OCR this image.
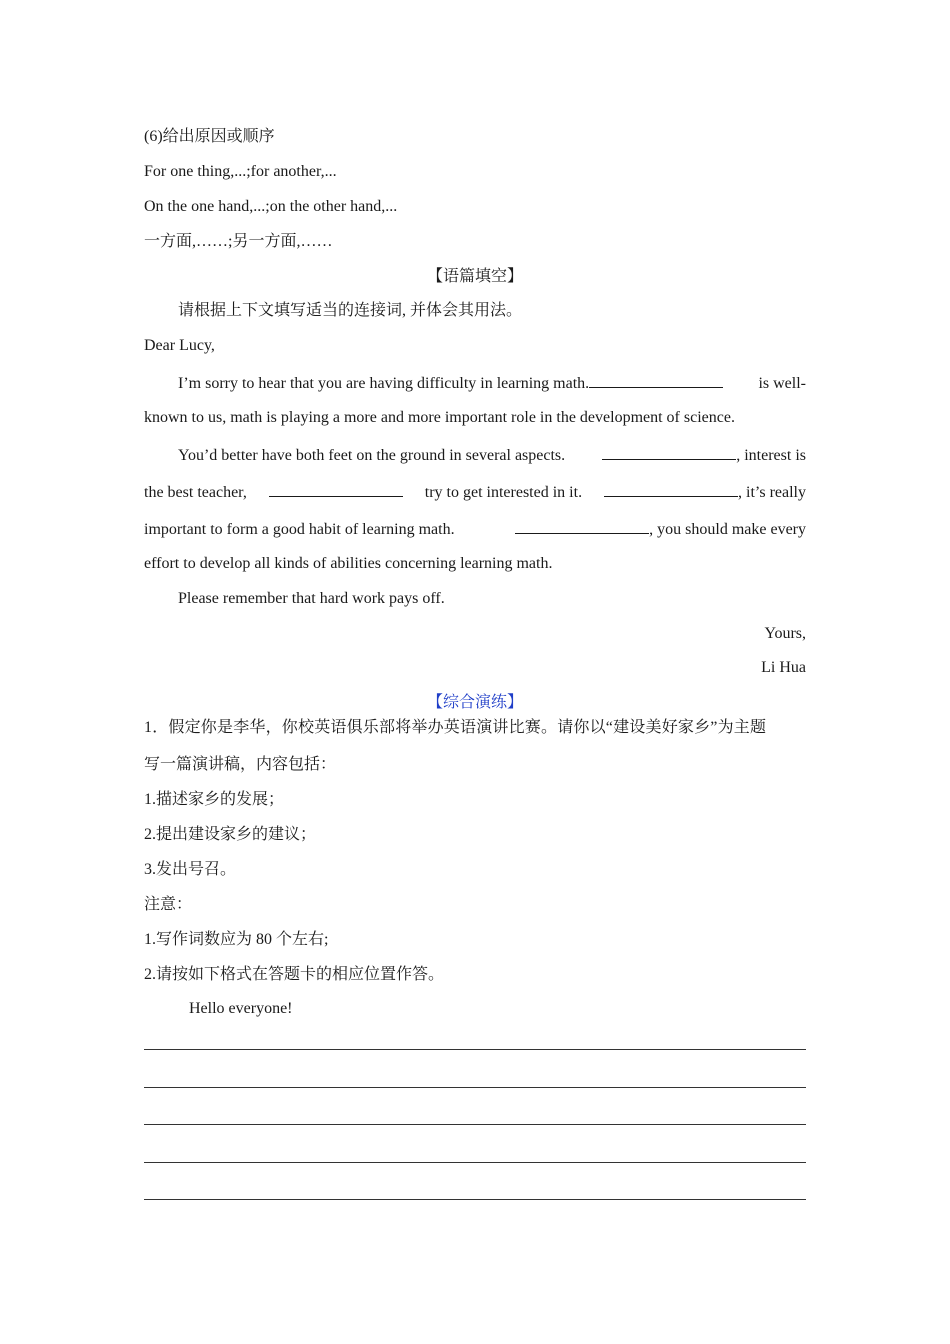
(6)给出原因或顺序
For one thing,...;for another,...
On the one hand,...;on the other hand,...
一方面,……;另一方面,……
【语篇填空】
请根据上下文填写适当的连接词, 并体会其用法。
Dear Lucy,
I’m sorry to hear that you are having difficulty in learning math.	is well-
known to us, math is playing a more and more important role in the development of science.
You’d better have both feet on the ground in several aspects.	, interest is
the best teacher,	try to get interested in it.	, it’s really
important to form a good habit of learning math.	, you should make every
effort to develop all kinds of abilities concerning learning math.
Please remember that hard work pays off.
Yours,
Li Hua
【综合演练】
1．假定你是李华，你校英语俱乐部将举办英语演讲比赛。请你以“建设美好家乡”为主题
写一篇演讲稿，内容包括：
1.描述家乡的发展；
2.提出建设家乡的建议；
3.发出号召。
注意：
1.写作词数应为 80 个左右;
2.请按如下格式在答题卡的相应位置作答。
Hello everyone!
